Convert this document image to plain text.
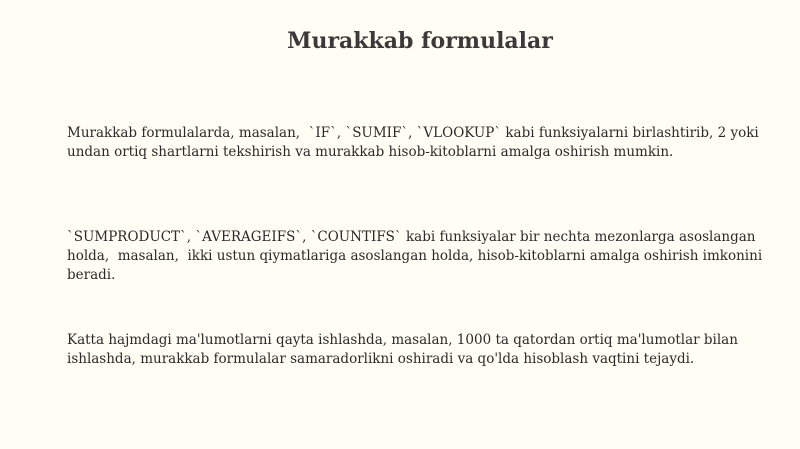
Murakkab formulalar

Murakkab formulalarda, masalan,  `IF`, `SUMIF`, `VLOOKUP` kabi funksiyalarni birlashtirib, 2 yoki undan ortiq shartlarni tekshirish va murakkab hisob-kitoblarni amalga oshirish mumkin.

`SUMPRODUCT`, `AVERAGEIFS`, `COUNTIFS` kabi funksiyalar bir nechta mezonlarga asoslangan holda,  masalan,  ikki ustun qiymatlariga asoslangan holda, hisob-kitoblarni amalga oshirish imkonini beradi.

Katta hajmdagi ma'lumotlarni qayta ishlashda, masalan, 1000 ta qatordan ortiq ma'lumotlar bilan ishlashda, murakkab formulalar samaradorlikni oshiradi va qo'lda hisoblash vaqtini tejaydi.
